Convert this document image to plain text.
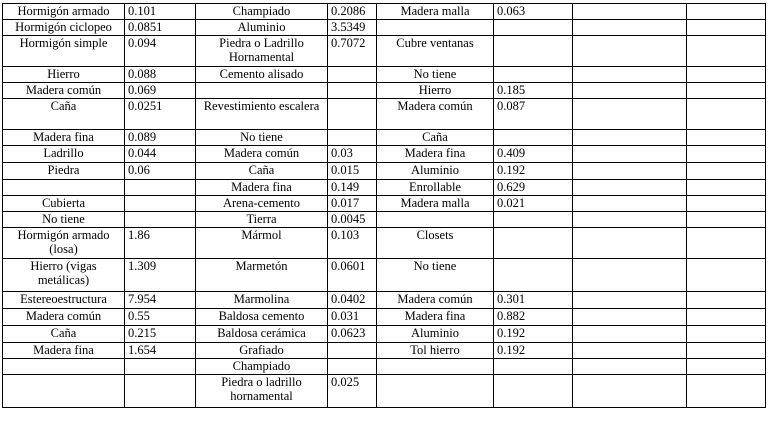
Hormigón armado	0.101	Champiado	0.2086	Madera malla	0.063		
Hormigón ciclopeo	0.0851	Aluminio	3.5349				
Hormigón simple	0.094	Piedra o Ladrillo Hornamental	0.7072	Cubre ventanas			
Hierro	0.088	Cemento alisado		No tiene			
Madera común	0.069			Hierro	0.185		
Caña	0.0251	Revestimiento escalera		Madera común	0.087		
Madera fina	0.089	No tiene		Caña			
Ladrillo	0.044	Madera común	0.03	Madera fina	0.409		
Piedra	0.06	Caña	0.015	Aluminio	0.192		
		Madera fina	0.149	Enrollable	0.629		
Cubierta		Arena-cemento	0.017	Madera malla	0.021		
No tiene		Tierra	0.0045				
Hormigón armado (losa)	1.86	Mármol	0.103	Closets			
Hierro (vigas metálicas)	1.309	Marmetón	0.0601	No tiene			
Estereoestructura	7.954	Marmolina	0.0402	Madera común	0.301		
Madera común	0.55	Baldosa cemento	0.031	Madera fina	0.882		
Caña	0.215	Baldosa cerámica	0.0623	Aluminio	0.192		
Madera fina	1.654	Grafiado		Tol hierro	0.192		
		Champiado					
		Piedra o ladrillo hornamental	0.025				
